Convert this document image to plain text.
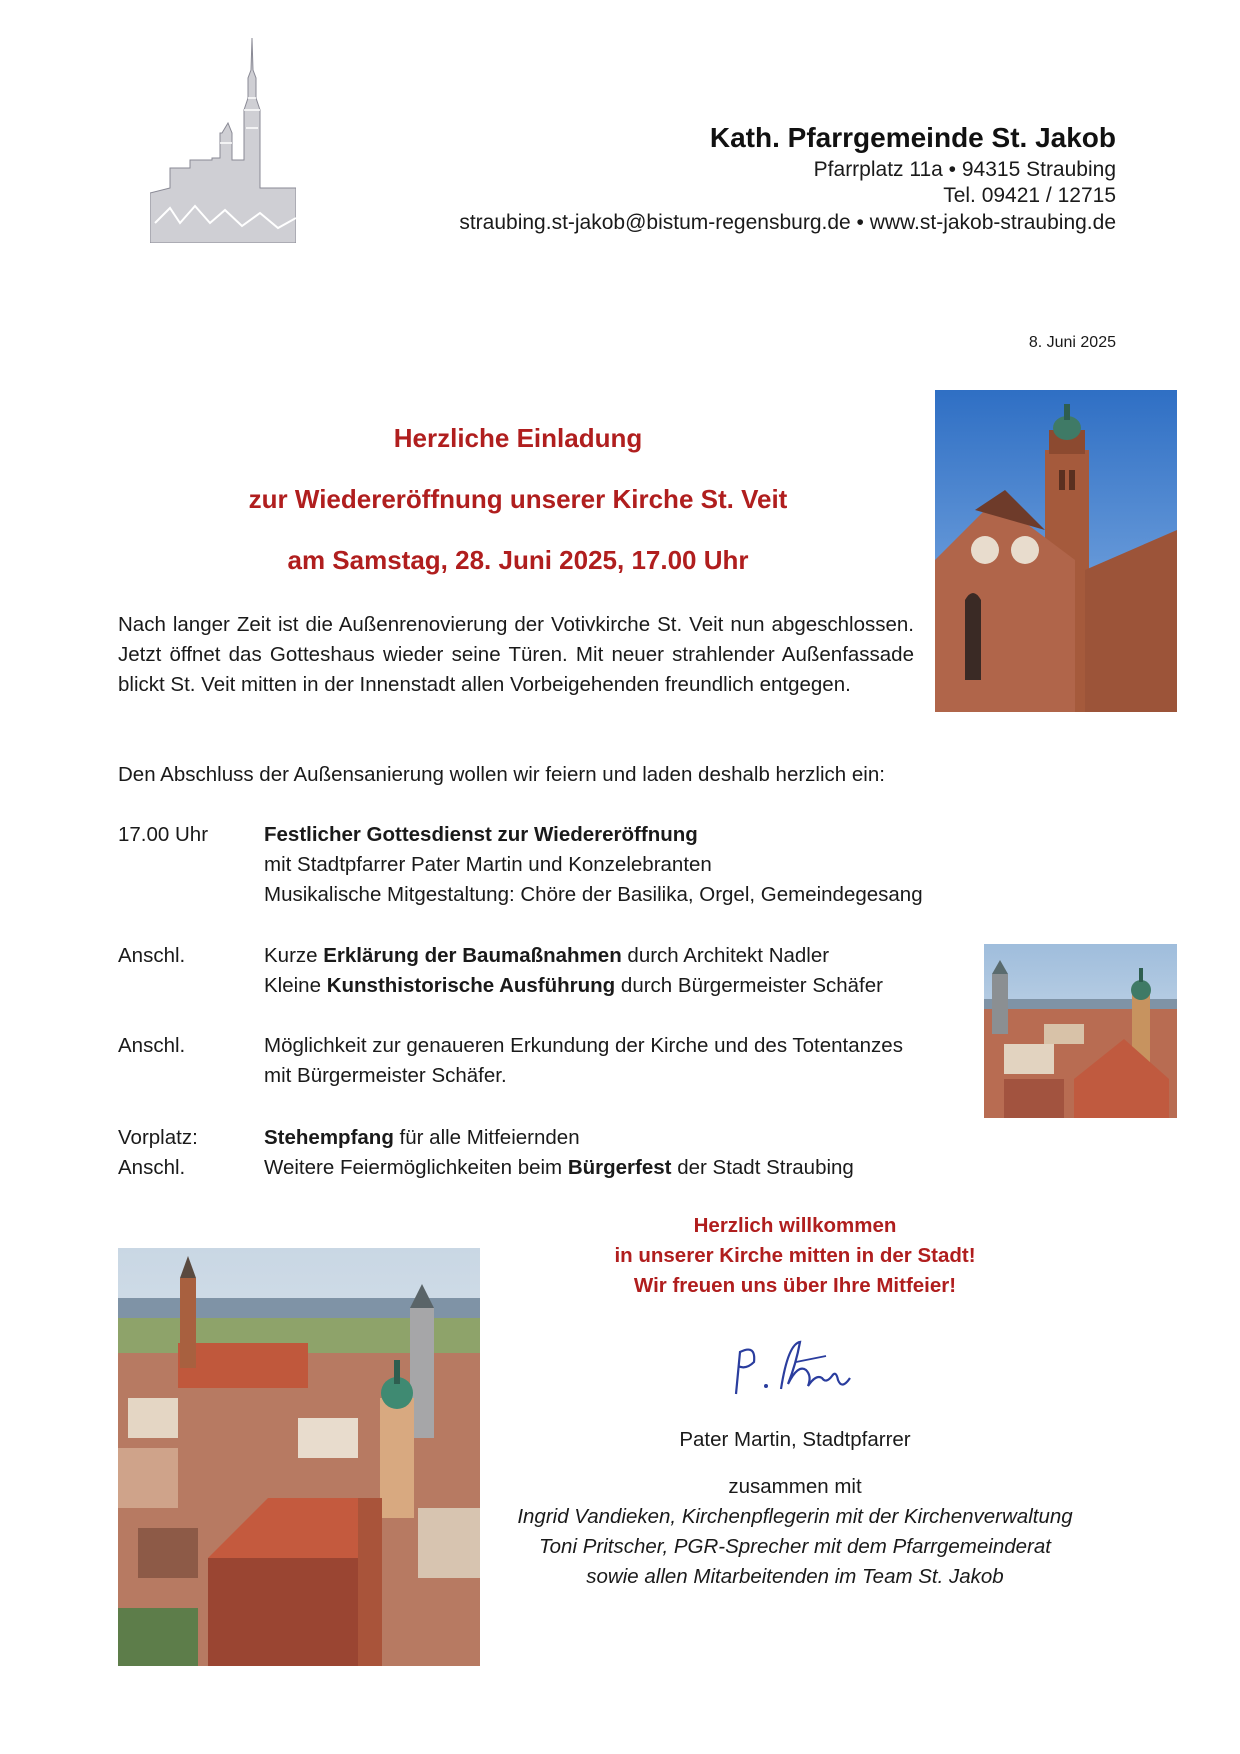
Kath. Pfarrgemeinde St. Jakob
Pfarrplatz 11a • 94315 Straubing
Tel. 09421 / 12715
straubing.st-jakob@bistum-regensburg.de • www.st-jakob-straubing.de
8. Juni 2025
Herzliche Einladung
zur Wiedereröffnung unserer Kirche St. Veit
am Samstag, 28. Juni 2025, 17.00 Uhr
Nach langer Zeit ist die Außenrenovierung der Votivkirche St. Veit nun abgeschlossen. Jetzt öffnet das Gotteshaus wieder seine Türen. Mit neuer strahlender Außenfassade blickt St. Veit mitten in der Innenstadt allen Vorbeigehenden freundlich entgegen.
Den Abschluss der Außensanierung wollen wir feiern und laden deshalb herzlich ein:
17.00 Uhr	Festlicher Gottesdienst zur Wiedereröffnung
mit Stadtpfarrer Pater Martin und Konzelebranten
Musikalische Mitgestaltung: Chöre der Basilika, Orgel, Gemeindegesang
Anschl.	Kurze Erklärung der Baumaßnahmen durch Architekt Nadler
Kleine Kunsthistorische Ausführung durch Bürgermeister Schäfer
Anschl.	Möglichkeit zur genaueren Erkundung der Kirche und des Totentanzes
mit Bürgermeister Schäfer.
Vorplatz:	Stehempfang für alle Mitfeiernden
Anschl.	Weitere Feiermöglichkeiten beim Bürgerfest der Stadt Straubing
Herzlich willkommen
in unserer Kirche mitten in der Stadt!
Wir freuen uns über Ihre Mitfeier!
Pater Martin, Stadtpfarrer
zusammen mit
Ingrid Vandieken, Kirchenpflegerin mit der Kirchenverwaltung
Toni Pritscher, PGR-Sprecher mit dem Pfarrgemeinderat
sowie allen Mitarbeitenden im Team St. Jakob
